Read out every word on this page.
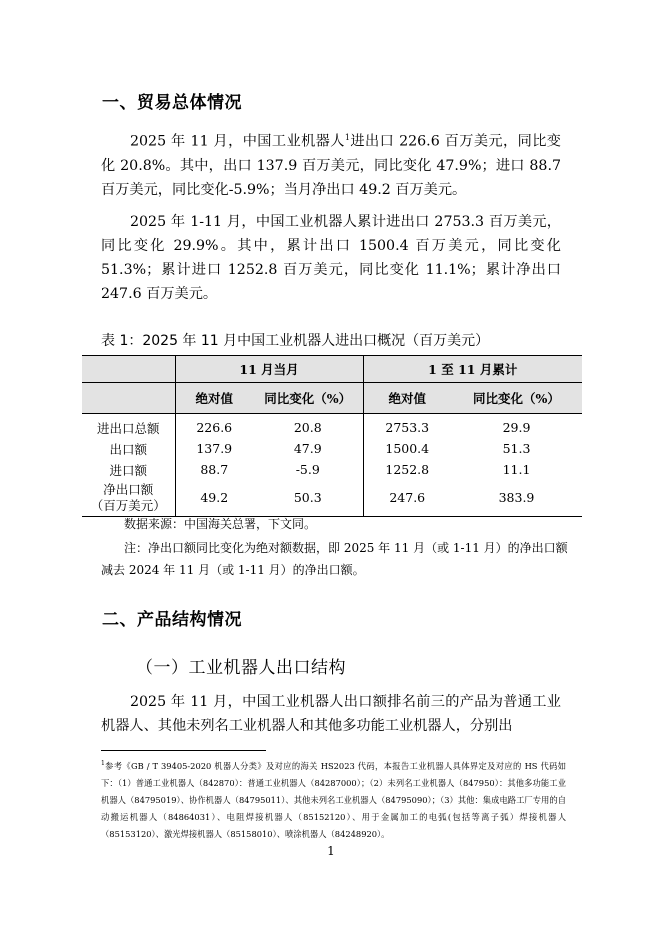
一、贸易总体情况

2025 年 11 月，中国工业机器人$^1$进出口 226.6 百万美元，同比变化 20.8%。其中，出口 137.9 百万美元，同比变化 47.9%；进口 88.7 百万美元，同比变化-5.9%；当月净出口 49.2 百万美元。

2025 年 1-11 月，中国工业机器人累计进出口 2753.3 百万美元，同比变化 29.9%。其中，累计出口 1500.4 百万美元，同比变化 51.3%；累计进口 1252.8 百万美元，同比变化 11.1%；累计净出口 247.6 百万美元。

表 1：2025 年 11 月中国工业机器人进出口概况（百万美元）
	11 月当月		1 至 11 月累计	
	绝对值	同比变化（%）	绝对值	同比变化（%）
进出口总额	226.6	20.8	2753.3	29.9
出口额	137.9	47.9	1500.4	51.3
进口额	88.7	-5.9	1252.8	11.1
净出口额
（百万美元）	49.2	50.3	247.6	383.9
数据来源：中国海关总署，下文同。
注：净出口额同比变化为绝对额数据，即 2025 年 11 月（或 1-11 月）的净出口额减去 2024 年 11 月（或 1-11 月）的净出口额。
二、产品结构情况
（一）工业机器人出口结构

2025 年 11 月，中国工业机器人出口额排名前三的产品为普通工业机器人、其他未列名工业机器人和其他多功能工业机器人，分别出

$^1$参考《GB / T 39405-2020 机器人分类》及对应的海关 HS2023 代码，本报告工业机器人具体界定及对应的 HS 代码如下：（1）普通工业机器人（842870）：普通工业机器人（84287000）；（2）未列名工业机器人（847950）：其他多功能工业机器人（84795019）、协作机器人（84795011）、其他未列名工业机器人（84795090）；（3）其他：集成电路工厂专用的自动搬运机器人（84864031）、电阻焊接机器人（85152120）、用于金属加工的电弧(包括等离子弧）焊接机器人（85153120）、激光焊接机器人（85158010）、喷涂机器人（84248920）。
1
